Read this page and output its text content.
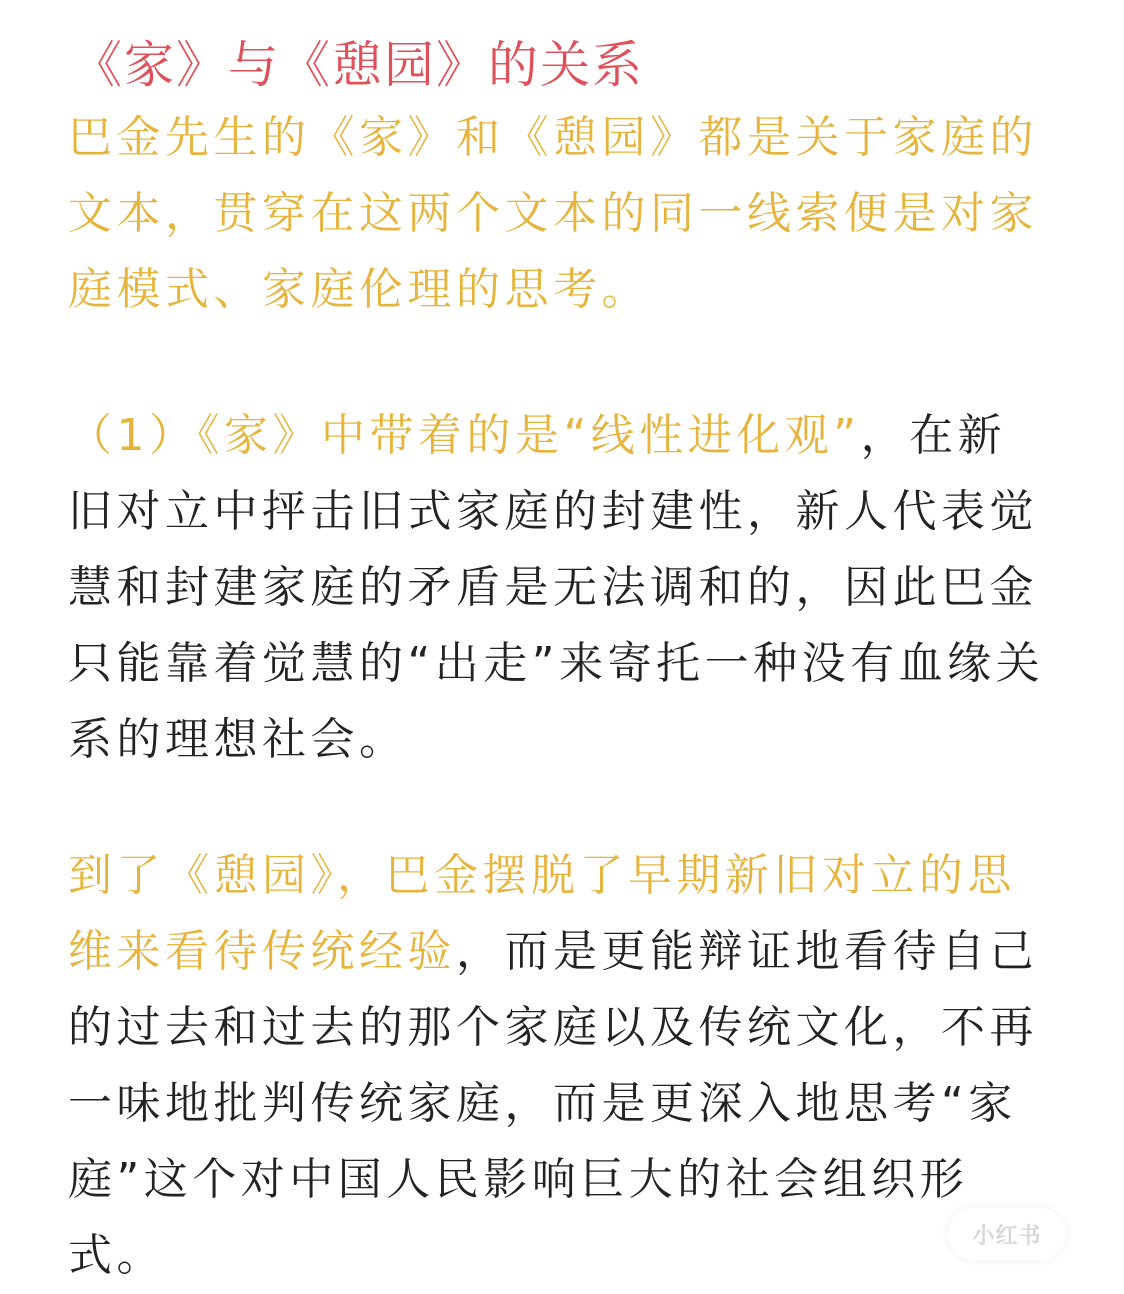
《家》与《憩园》的关系
巴金先生的《家》和《憩园》都是关于家庭的
文本，贯穿在这两个文本的同一线索便是对家
庭模式、家庭伦理的思考。
（1）《家》中带着的是“线性进化观”，在新
旧对立中抨击旧式家庭的封建性，新人代表觉
慧和封建家庭的矛盾是无法调和的，因此巴金
只能靠着觉慧的“出走”来寄托一种没有血缘关
系的理想社会。
到了《憩园》，巴金摆脱了早期新旧对立的思
维来看待传统经验，而是更能辩证地看待自己
的过去和过去的那个家庭以及传统文化，不再
一味地批判传统家庭，而是更深入地思考“家
庭”这个对中国人民影响巨大的社会组织形
式。	小红书
